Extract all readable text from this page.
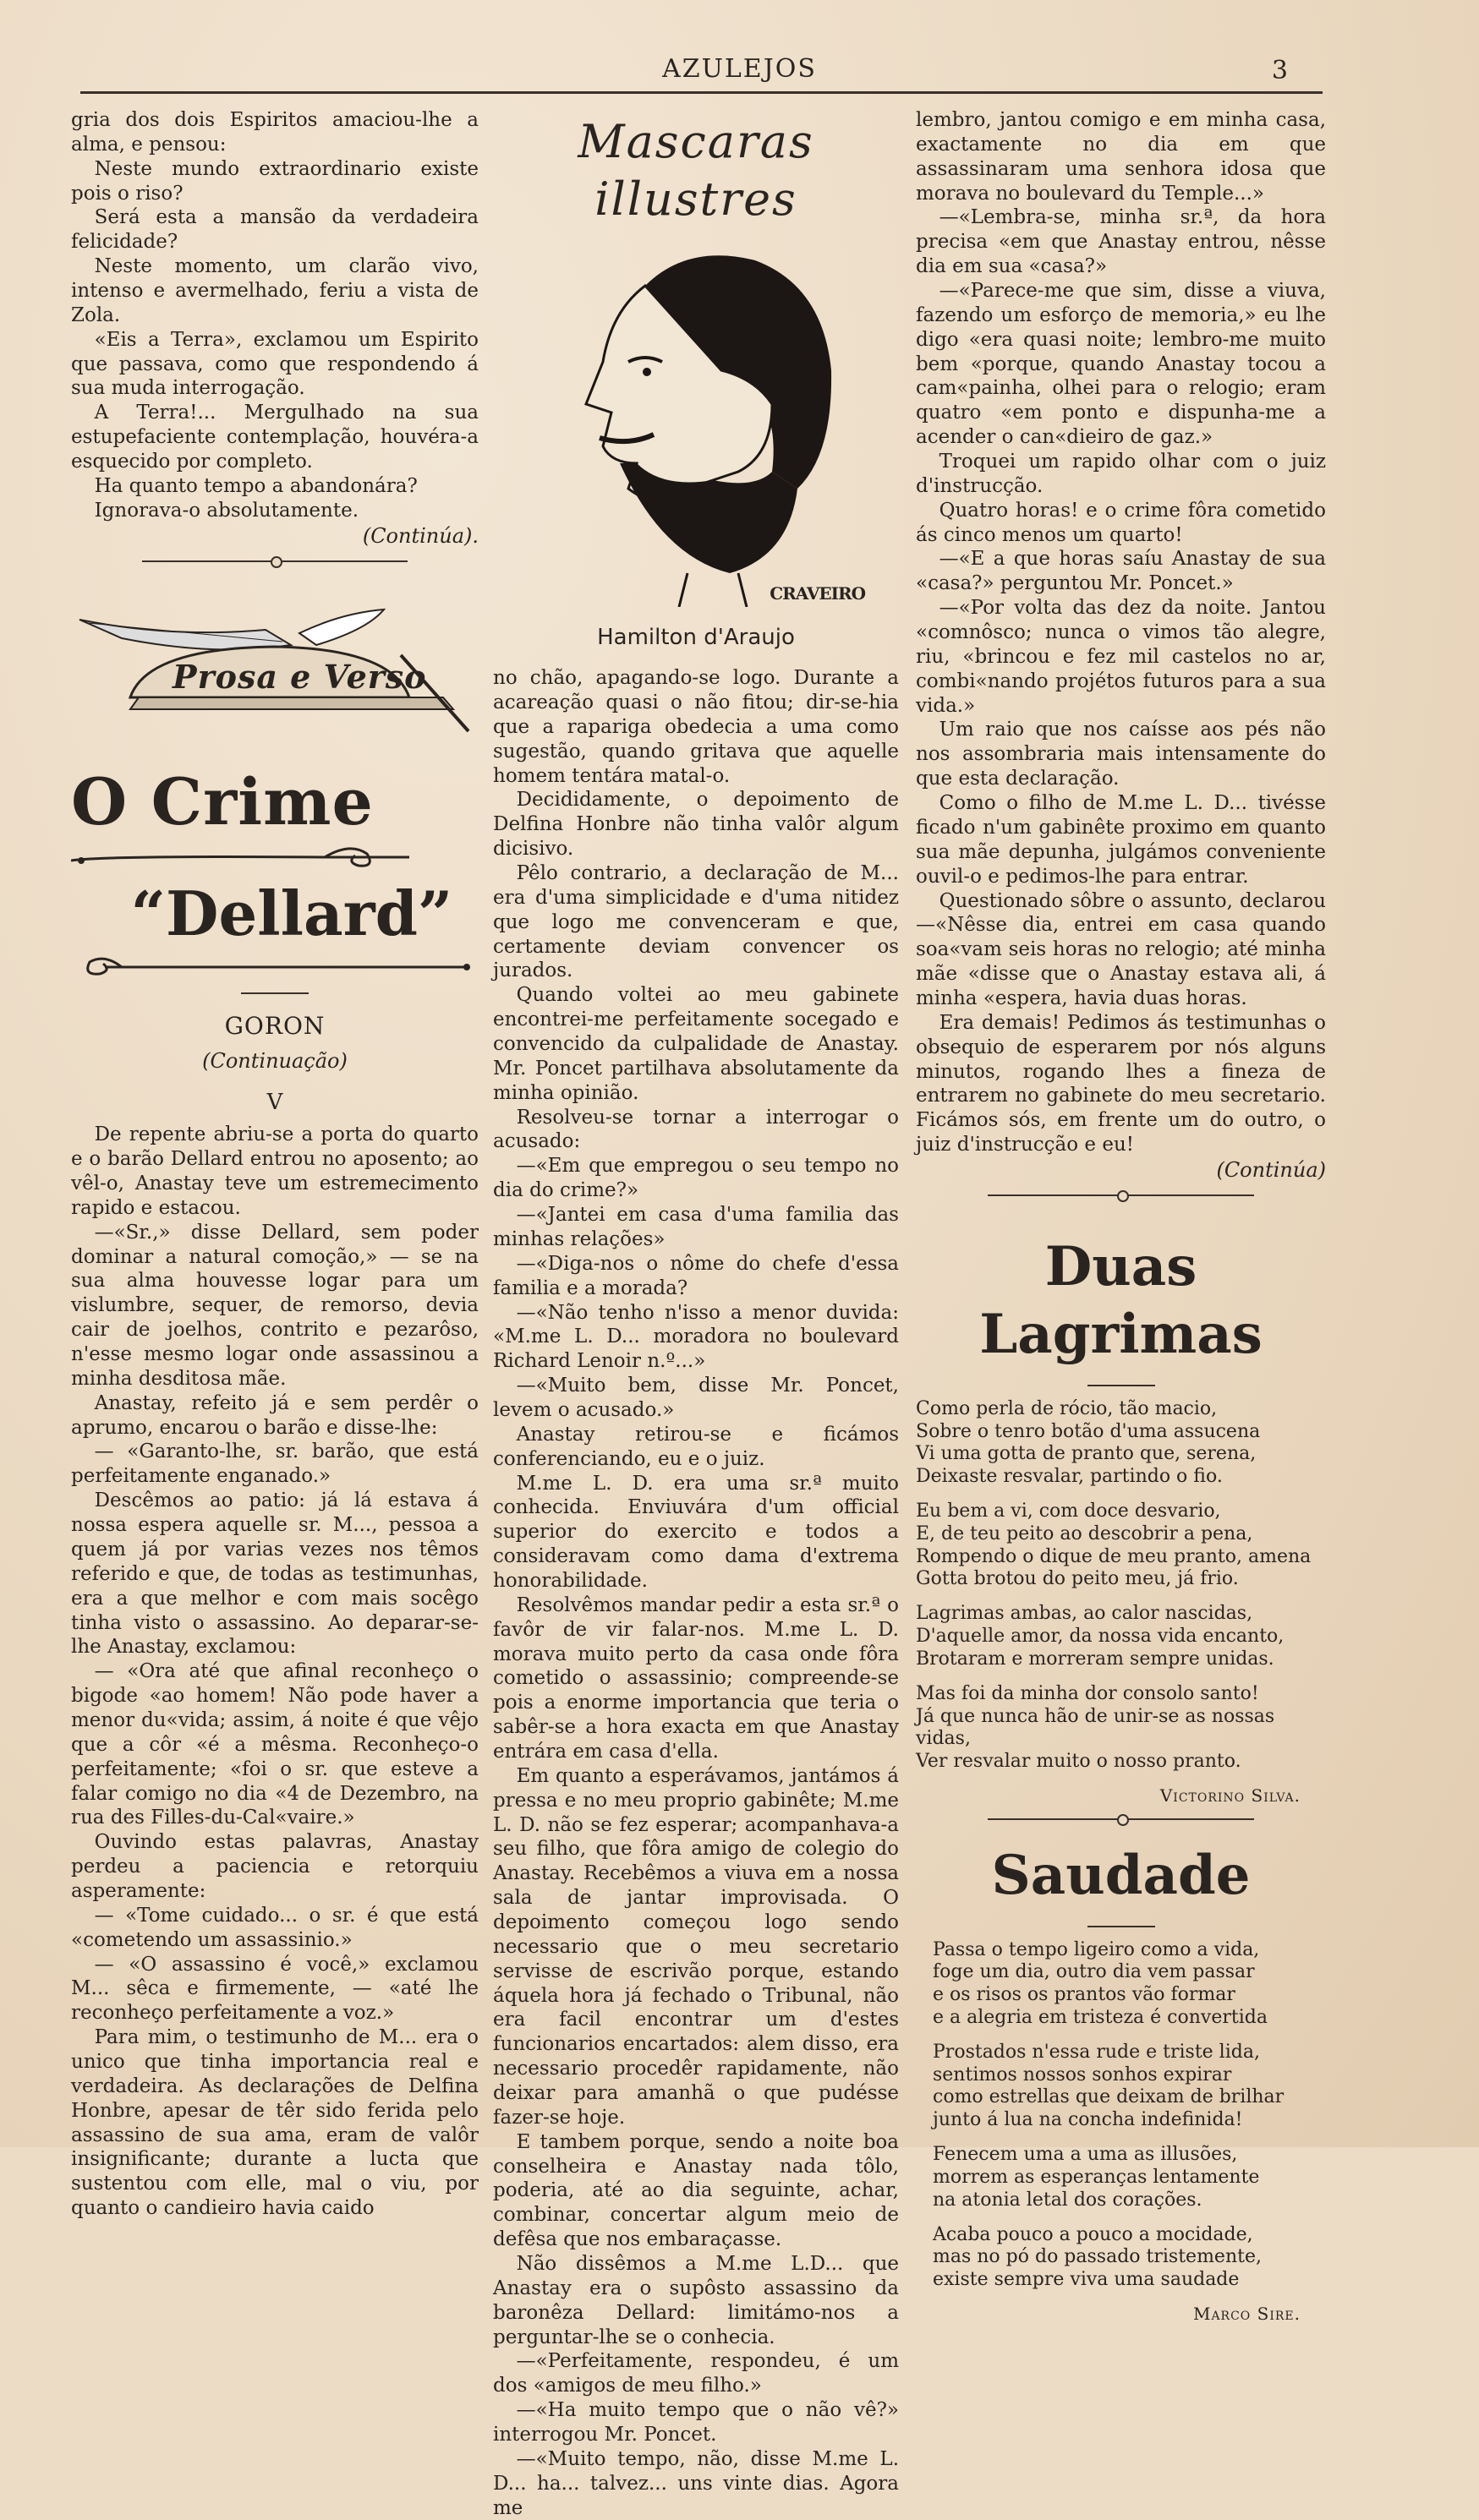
AZULEJOS	3

gria dos dois Espiritos amaciou-lhe a alma, e pensou:

Neste mundo extraordinario existe pois o riso?

Será esta a mansão da verdadeira felicidade?

Neste momento, um clarão vivo, intenso e avermelhado, feriu a vista de Zola.

«Eis a Terra», exclamou um Espirito que passava, como que respondendo á sua muda interrogação.

A Terra!... Mergulhado na sua estupefaciente contemplação, houvéra-a esquecido por completo.

Ha quanto tempo a abandonára?

Ignorava-o absolutamente.

(Continúa).

Prosa e Verso
O Crime
“Dellard”
GORON
(Continuação)
V

De repente abriu-se a porta do quarto e o barão Dellard entrou no aposento; ao vêl-o, Anastay teve um estremecimento rapido e estacou.

—«Sr.,» disse Dellard, sem poder dominar a natural comoção,» — se na sua alma houvesse logar para um vislumbre, sequer, de remorso, devia cair de joelhos, contrito e pezarôso, n'esse mesmo logar onde assassinou a minha desditosa mãe.

Anastay, refeito já e sem perdêr o aprumo, encarou o barão e disse-lhe:

— «Garanto-lhe, sr. barão, que está perfeitamente enganado.»

Descêmos ao patio: já lá estava á nossa espera aquelle sr. M..., pessoa a quem já por varias vezes nos têmos referido e que, de todas as testimunhas, era a que melhor e com mais socêgo tinha visto o assassino. Ao deparar-se-lhe Anastay, exclamou:

— «Ora até que afinal reconheço o bigode «ao homem! Não pode haver a menor du«vida; assim, á noite é que vêjo que a côr «é a mêsma. Reconheço-o perfeitamente; «foi o sr. que esteve a falar comigo no dia «4 de Dezembro, na rua des Filles-du-Cal«vaire.»

Ouvindo estas palavras, Anastay perdeu a paciencia e retorquiu asperamente:

— «Tome cuidado... o sr. é que está «cometendo um assassinio.»

— «O assassino é você,» exclamou M... sêca e firmemente, — «até lhe reconheço perfeitamente a voz.»

Para mim, o testimunho de M... era o unico que tinha importancia real e verdadeira. As declarações de Delfina Honbre, apesar de têr sido ferida pelo assassino de sua ama, eram de valôr insignificante; durante a lucta que sustentou com elle, mal o viu, por quanto o candieiro havia caido

Mascaras illustres
CRAVEIRO
Hamilton d'Araujo

no chão, apagando-se logo. Durante a acareação quasi o não fitou; dir-se-hia que a rapariga obedecia a uma como sugestão, quando gritava que aquelle homem tentára matal-o.

Decididamente, o depoimento de Delfina Honbre não tinha valôr algum dicisivo.

Pêlo contrario, a declaração de M... era d'uma simplicidade e d'uma nitidez que logo me convenceram e que, certamente deviam convencer os jurados.

Quando voltei ao meu gabinete encontrei-me perfeitamente socegado e convencido da culpalidade de Anastay. Mr. Poncet partilhava absolutamente da minha opinião.

Resolveu-se tornar a interrogar o acusado:

—«Em que empregou o seu tempo no dia do crime?»

—«Jantei em casa d'uma familia das minhas relações»

—«Diga-nos o nôme do chefe d'essa familia e a morada?

—«Não tenho n'isso a menor duvida: «M.me L. D... moradora no boulevard Richard Lenoir n.º...»

—«Muito bem, disse Mr. Poncet, levem o acusado.»

Anastay retirou-se e ficámos conferenciando, eu e o juiz.

M.me L. D. era uma sr.ª muito conhecida. Enviuvára d'um official superior do exercito e todos a consideravam como dama d'extrema honorabilidade.

Resolvêmos mandar pedir a esta sr.ª o favôr de vir falar-nos. M.me L. D. morava muito perto da casa onde fôra cometido o assassinio; compreende-se pois a enorme importancia que teria o sabêr-se a hora exacta em que Anastay entrára em casa d'ella.

Em quanto a esperávamos, jantámos á pressa e no meu proprio gabinête; M.me L. D. não se fez esperar; acompanhava-a seu filho, que fôra amigo de colegio do Anastay. Recebêmos a viuva em a nossa sala de jantar improvisada. O depoimento começou logo sendo necessario que o meu secretario servisse de escrivão porque, estando áquela hora já fechado o Tribunal, não era facil encontrar um d'estes funcionarios encartados: alem disso, era necessario procedêr rapidamente, não deixar para amanhã o que pudésse fazer-se hoje.

E tambem porque, sendo a noite boa conselheira e Anastay nada tôlo, poderia, até ao dia seguinte, achar, combinar, concertar algum meio de defêsa que nos embaraçasse.

Não dissêmos a M.me L.D... que Anastay era o supôsto assassino da baronêza Dellard: limitámo-nos a perguntar-lhe se o conhecia.

—«Perfeitamente, respondeu, é um dos «amigos de meu filho.»

—«Ha muito tempo que o não vê?» interrogou Mr. Poncet.

—«Muito tempo, não, disse M.me L. D... ha... talvez... uns vinte dias. Agora me

lembro, jantou comigo e em minha casa, exactamente no dia em que assassinaram uma senhora idosa que morava no boulevard du Temple...»

—«Lembra-se, minha sr.ª, da hora precisa «em que Anastay entrou, nêsse dia em sua «casa?»

—«Parece-me que sim, disse a viuva, fazendo um esforço de memoria,» eu lhe digo «era quasi noite; lembro-me muito bem «porque, quando Anastay tocou a cam«painha, olhei para o relogio; eram quatro «em ponto e dispunha-me a acender o can«dieiro de gaz.»

Troquei um rapido olhar com o juiz d'instrucção.

Quatro horas! e o crime fôra cometido ás cinco menos um quarto!

—«E a que horas saíu Anastay de sua «casa?» perguntou Mr. Poncet.»

—«Por volta das dez da noite. Jantou «comnôsco; nunca o vimos tão alegre, riu, «brincou e fez mil castelos no ar, combi«nando projétos futuros para a sua vida.»

Um raio que nos caísse aos pés não nos assombraria mais intensamente do que esta declaração.

Como o filho de M.me L. D... tivésse ficado n'um gabinête proximo em quanto sua mãe depunha, julgámos conveniente ouvil-o e pedimos-lhe para entrar.

Questionado sôbre o assunto, declarou —«Nêsse dia, entrei em casa quando soa«vam seis horas no relogio; até minha mãe «disse que o Anastay estava ali, á minha «espera, havia duas horas.

Era demais! Pedimos ás testimunhas o obsequio de esperarem por nós alguns minutos, rogando lhes a fineza de entrarem no gabinete do meu secretario. Ficámos sós, em frente um do outro, o juiz d'instrucção e eu!

(Continúa)

Duas Lagrimas
Como perla de rócio, tão macio,
Sobre o tenro botão d'uma assucena
Vi uma gotta de pranto que, serena,
Deixaste resvalar, partindo o fio.
Eu bem a vi, com doce desvario,
E, de teu peito ao descobrir a pena,
Rompendo o dique de meu pranto, amena
Gotta brotou do peito meu, já frio.
Lagrimas ambas, ao calor nascidas,
D'aquelle amor, da nossa vida encanto,
Brotaram e morreram sempre unidas.
Mas foi da minha dor consolo santo!
Já que nunca hão de unir-se as nossas vidas,
Ver resvalar muito o nosso pranto.
Victorino Silva.
Saudade
Passa o tempo ligeiro como a vida,
foge um dia, outro dia vem passar
e os risos os prantos vão formar
e a alegria em tristeza é convertida
Prostados n'essa rude e triste lida,
sentimos nossos sonhos expirar
como estrellas que deixam de brilhar
junto á lua na concha indefinida!
Fenecem uma a uma as illusões,
morrem as esperanças lentamente
na atonia letal dos corações.
Acaba pouco a pouco a mocidade,
mas no pó do passado tristemente,
existe sempre viva uma saudade
Marco Sire.
